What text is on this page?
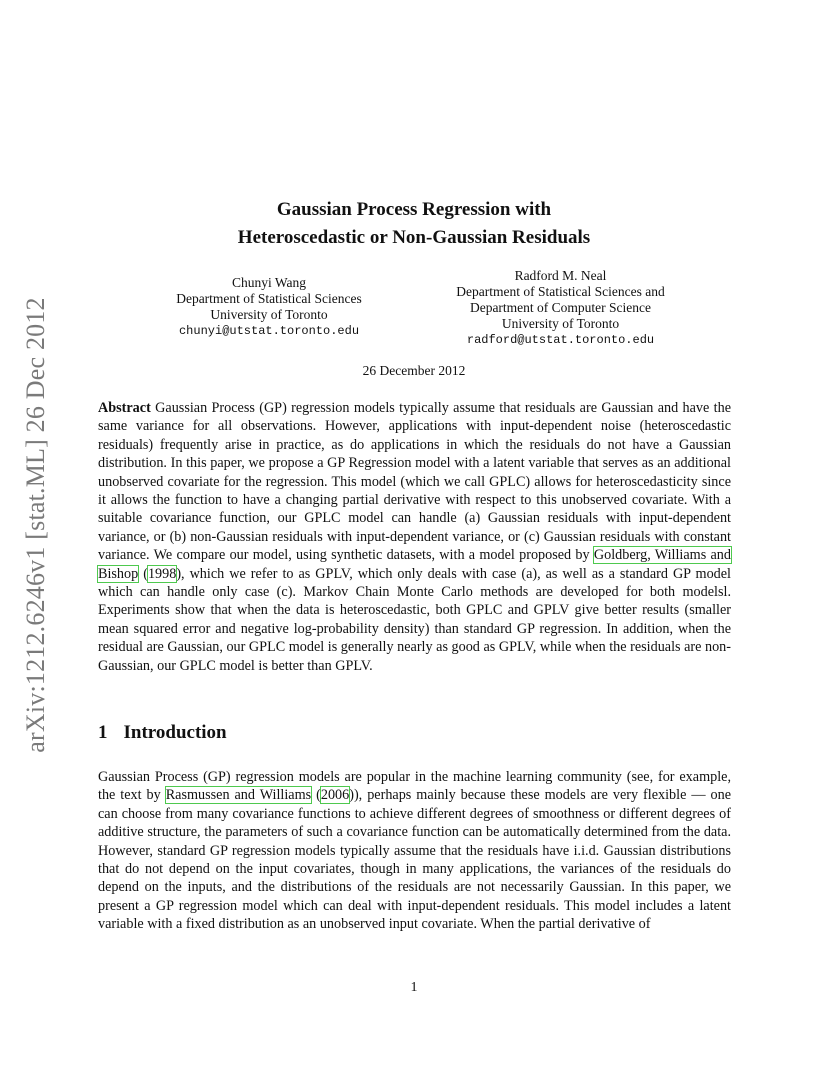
arXiv:1212.6246v1 [stat.ML] 26 Dec 2012
Gaussian Process Regression with
Heteroscedastic or Non-Gaussian Residuals
Chunyi Wang
Department of Statistical Sciences
University of Toronto
chunyi@utstat.toronto.edu
Radford M. Neal
Department of Statistical Sciences and
Department of Computer Science
University of Toronto
radford@utstat.toronto.edu
26 December 2012
Abstract Gaussian Process (GP) regression models typically assume that residuals are Gaussian and have the same variance for all observations. However, applications with input-dependent noise (heteroscedastic residuals) frequently arise in practice, as do applications in which the residuals do not have a Gaussian distribution. In this paper, we propose a GP Regression model with a latent variable that serves as an additional unobserved covariate for the regression. This model (which we call GPLC) allows for heteroscedasticity since it allows the function to have a changing partial derivative with respect to this unobserved covariate. With a suitable covariance function, our GPLC model can handle (a) Gaussian residuals with input-dependent variance, or (b) non-Gaussian residuals with input-dependent variance, or (c) Gaussian residuals with constant variance. We compare our model, using synthetic datasets, with a model proposed by Goldberg, Williams and Bishop (1998), which we refer to as GPLV, which only deals with case (a), as well as a standard GP model which can handle only case (c). Markov Chain Monte Carlo methods are developed for both modelsl. Experiments show that when the data is heteroscedastic, both GPLC and GPLV give better results (smaller mean squared error and negative log-probability density) than standard GP regression. In addition, when the residual are Gaussian, our GPLC model is generally nearly as good as GPLV, while when the residuals are non-Gaussian, our GPLC model is better than GPLV.
1 Introduction
Gaussian Process (GP) regression models are popular in the machine learning community (see, for example, the text by Rasmussen and Williams (2006)), perhaps mainly because these models are very flexible — one can choose from many covariance functions to achieve different degrees of smoothness or different degrees of additive structure, the parameters of such a covariance function can be automatically determined from the data. However, standard GP regression models typically assume that the residuals have i.i.d. Gaussian distributions that do not depend on the input covariates, though in many applications, the variances of the residuals do depend on the inputs, and the distributions of the residuals are not necessarily Gaussian. In this paper, we present a GP regression model which can deal with input-dependent residuals. This model includes a latent variable with a fixed distribution as an unobserved input covariate. When the partial derivative of
1
